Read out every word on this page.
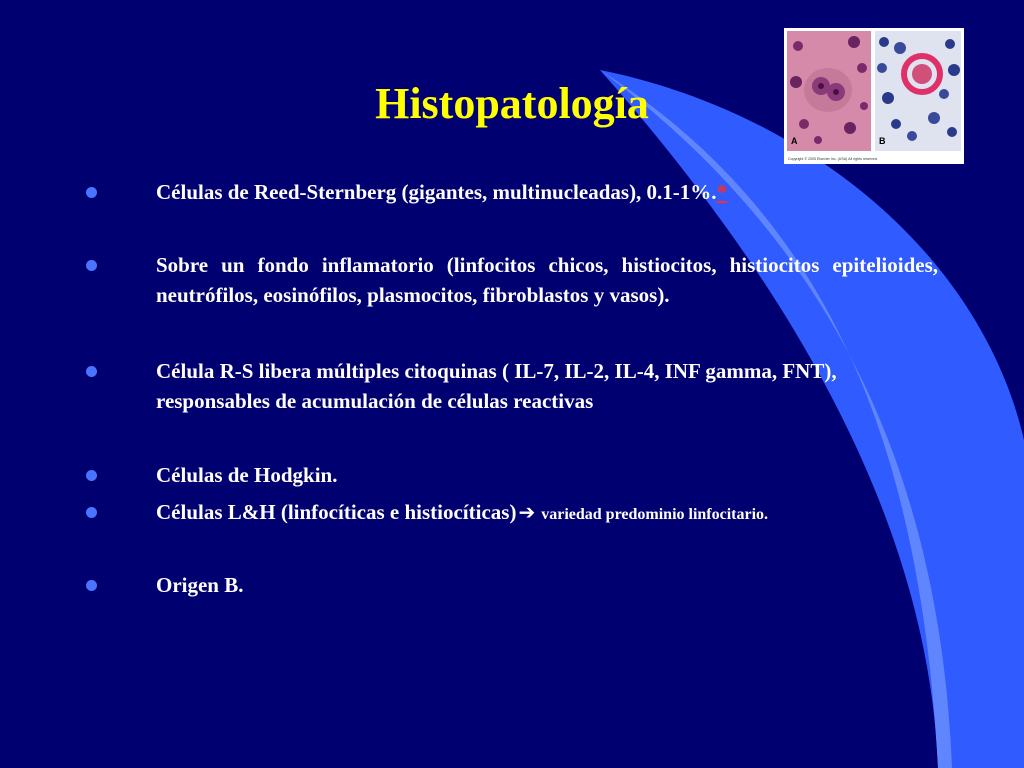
A	B
Copyright © 2005 Elsevier Inc. (USA) All rights reserved.
Histopatología
Células de Reed-Sternberg (gigantes, multinucleadas), 0.1-1%.*
Sobre un fondo inflamatorio (linfocitos chicos, histiocitos, histiocitos epitelioides, neutrófilos, eosinófilos, plasmocitos, fibroblastos y vasos).
Célula R-S libera múltiples citoquinas ( IL-7, IL-2, IL-4, INF gamma, FNT), responsables de acumulación de células reactivas
Células de Hodgkin.
Células L&H (linfocíticas e histiocíticas) ➔ variedad predominio linfocitario.
Origen B.
